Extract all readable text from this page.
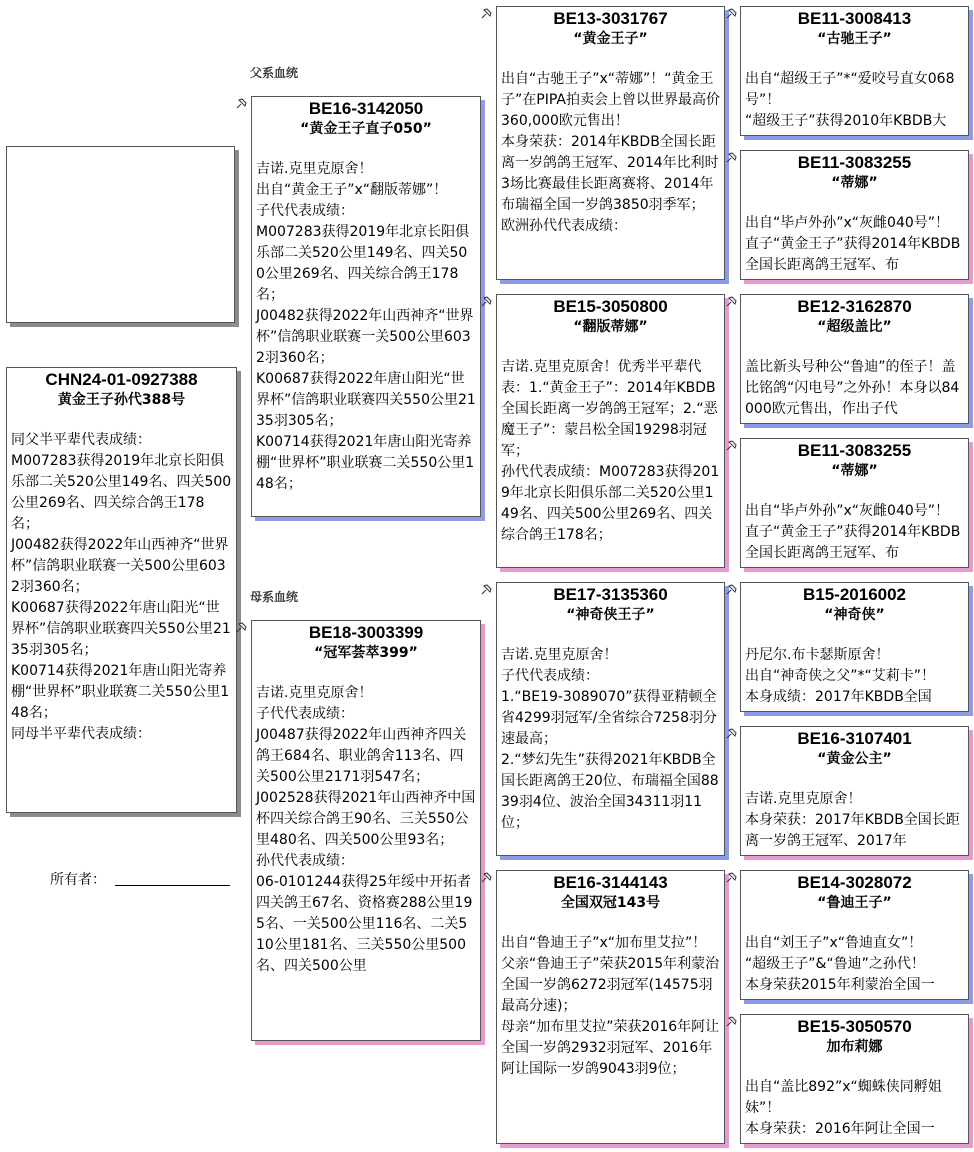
CHN24-01-0927388
黄金王子孙代388号
同父半平辈代表成绩：
M007283获得2019年北京长阳俱乐部二关520公里149名、四关500公里269名、四关综合鸽王178名；
J00482获得2022年山西神齐“世界杯”信鸽职业联赛一关500公里6032羽360名；
K00687获得2022年唐山阳光“世界杯”信鸽职业联赛四关550公里2135羽305名；
K00714获得2021年唐山阳光寄养棚“世界杯”职业联赛二关550公里148名；
同母半平辈代表成绩：
所有者：
父系血统
母系血统
BE16-3142050
“黄金王子直子050”
吉诺.克里克原舍！
出自“黄金王子”x“翻版蒂娜”！
子代代表成绩：
M007283获得2019年北京长阳俱乐部二关520公里149名、四关500公里269名、四关综合鸽王178名；
J00482获得2022年山西神齐“世界杯”信鸽职业联赛一关500公里6032羽360名；
K00687获得2022年唐山阳光“世界杯”信鸽职业联赛四关550公里2135羽305名；
K00714获得2021年唐山阳光寄养棚“世界杯”职业联赛二关550公里148名；
BE18-3003399
“冠军荟萃399”
吉诺.克里克原舍！
子代代表成绩：
J00487获得2022年山西神齐四关鸽王684名、职业鸽舍113名、四关500公里2171羽547名；
J002528获得2021年山西神齐中国杯四关综合鸽王90名、三关550公里480名、四关500公里93名；
孙代代表成绩：
06-0101244获得25年绥中开拓者四关鸽王67名、资格赛288公里195名、一关500公里116名、二关510公里181名、三关550公里500名、四关500公里
BE13-3031767
“黄金王子”
出自“古驰王子”x“蒂娜”！“黄金王子”在PIPA拍卖会上曾以世界最高价360,000欧元售出！
本身荣获：2014年KBDB全国长距离一岁鸽鸽王冠军、2014年比利时3场比赛最佳长距离赛将、2014年布瑞福全国一岁鸽3850羽季军；
欧洲孙代代表成绩：
BE15-3050800
“翻版蒂娜”
吉诺.克里克原舍！优秀半平辈代表：1.“黄金王子”：2014年KBDB全国长距离一岁鸽鸽王冠军；2.“恶魔王子”：蒙吕松全国19298羽冠军；
孙代代表成绩：M007283获得2019年北京长阳俱乐部二关520公里149名、四关500公里269名、四关综合鸽王178名；
BE17-3135360
“神奇侠王子”
吉诺.克里克原舍！
子代代表成绩：
1.“BE19-3089070”获得亚精顿全省4299羽冠军/全省综合7258羽分速最高；
2.“梦幻先生”获得2021年KBDB全国长距离鸽王20位、布瑞福全国8839羽4位、波治全国34311羽11位；
BE16-3144143
全国双冠143号
出自“鲁迪王子”x“加布里艾拉”！
父亲“鲁迪王子”荣获2015年利蒙治全国一岁鸽6272羽冠军(14575羽最高分速)；
母亲“加布里艾拉”荣获2016年阿让全国一岁鸽2932羽冠军、2016年阿让国际一岁鸽9043羽9位；
BE11-3008413
“古驰王子”
出自“超级王子”*“爱咬号直女068号”！
“超级王子”获得2010年KBDB大
BE11-3083255
“蒂娜”
出自“毕卢外孙”x“灰雌040号”！
直子“黄金王子”获得2014年KBDB全国长距离鸽王冠军、布
BE12-3162870
“超级盖比”
盖比新头号种公“鲁迪”的侄子！盖比铭鸽“闪电号”之外孙！本身以84000欧元售出，作出子代
BE11-3083255
“蒂娜”
出自“毕卢外孙”x“灰雌040号”！
直子“黄金王子”获得2014年KBDB全国长距离鸽王冠军、布
B15-2016002
“神奇侠”
丹尼尔.布卡瑟斯原舍！
出自“神奇侠之父”*“艾莉卡”！
本身成绩：2017年KBDB全国
BE16-3107401
“黄金公主”
吉诺.克里克原舍！
本身荣获：2017年KBDB全国长距离一岁鸽王冠军、2017年
BE14-3028072
“鲁迪王子”
出自“刘王子”x“鲁迪直女”！
“超级王子”&“鲁迪”之孙代！
本身荣获2015年利蒙治全国一
BE15-3050570
加布莉娜
出自“盖比892”x“蜘蛛侠同孵姐妹”！
本身荣获：2016年阿让全国一
